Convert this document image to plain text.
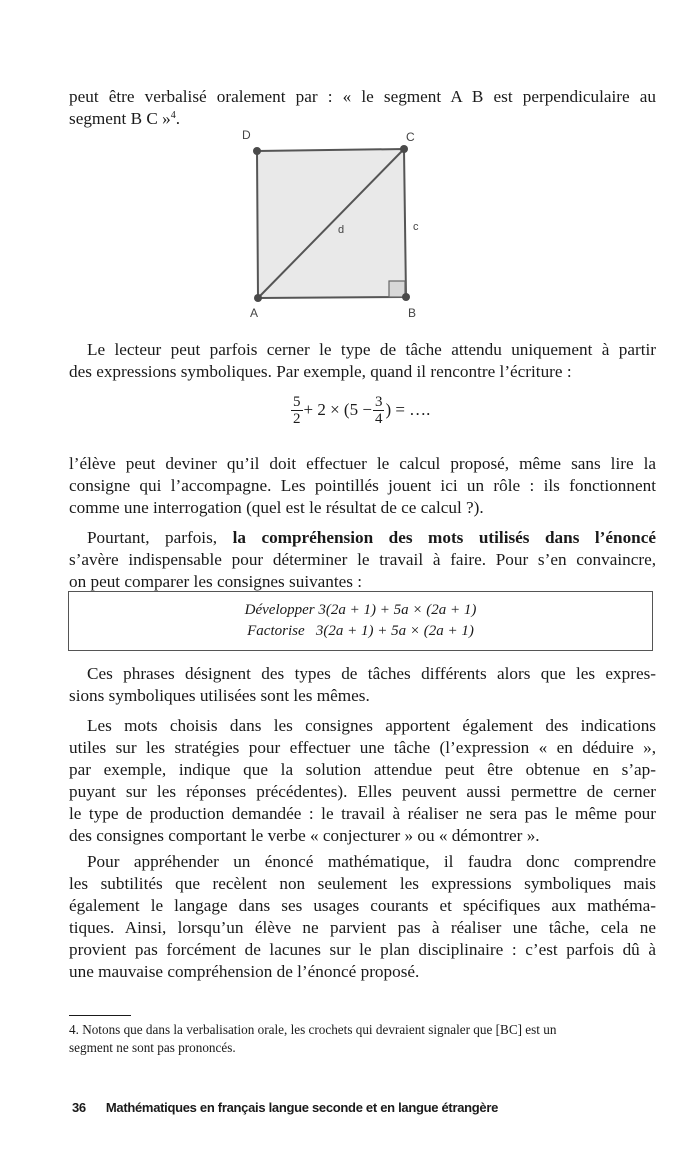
peut être verbalisé oralement par : « le segment A B est perpendiculaire au
segment B C »$^4$.
D	C
A	B
d	c
Le lecteur peut parfois cerner le type de tâche attendu uniquement à partir
des expressions symboliques. Par exemple, quand il rencontre l’écriture :
$\frac{5}{2} + 2 \times (5 - \frac{3}{4}$ ) = ….
l’élève peut deviner qu’il doit effectuer le calcul proposé, même sans lire la
consigne qui l’accompagne. Les pointillés jouent ici un rôle : ils fonctionnent
comme une interrogation (quel est le résultat de ce calcul ?).
Pourtant, parfois, la compréhension des mots utilisés dans l’énoncé
s’avère indispensable pour déterminer le travail à faire. Pour s’en convaincre,
on peut comparer les consignes suivantes :
Développer 3(2a + 1) + 5a × (2a + 1)
Factorise   3(2a + 1) + 5a × (2a + 1)
Ces phrases désignent des types de tâches différents alors que les expres-
sions symboliques utilisées sont les mêmes.
Les mots choisis dans les consignes apportent également des indications
utiles sur les stratégies pour effectuer une tâche (l’expression « en déduire »,
par exemple, indique que la solution attendue peut être obtenue en s’ap-
puyant sur les réponses précédentes). Elles peuvent aussi permettre de cerner
le type de production demandée : le travail à réaliser ne sera pas le même pour
des consignes comportant le verbe « conjecturer » ou « démontrer ».
Pour appréhender un énoncé mathématique, il faudra donc comprendre
les subtilités que recèlent non seulement les expressions symboliques mais
également le langage dans ses usages courants et spécifiques aux mathéma-
tiques. Ainsi, lorsqu’un élève ne parvient pas à réaliser une tâche, cela ne
provient pas forcément de lacunes sur le plan disciplinaire : c’est parfois dû à
une mauvaise compréhension de l’énoncé proposé.
4. Notons que dans la verbalisation orale, les crochets qui devraient signaler que [BC] est un
segment ne sont pas prononcés.
36 Mathématiques en français langue seconde et en langue étrangère
